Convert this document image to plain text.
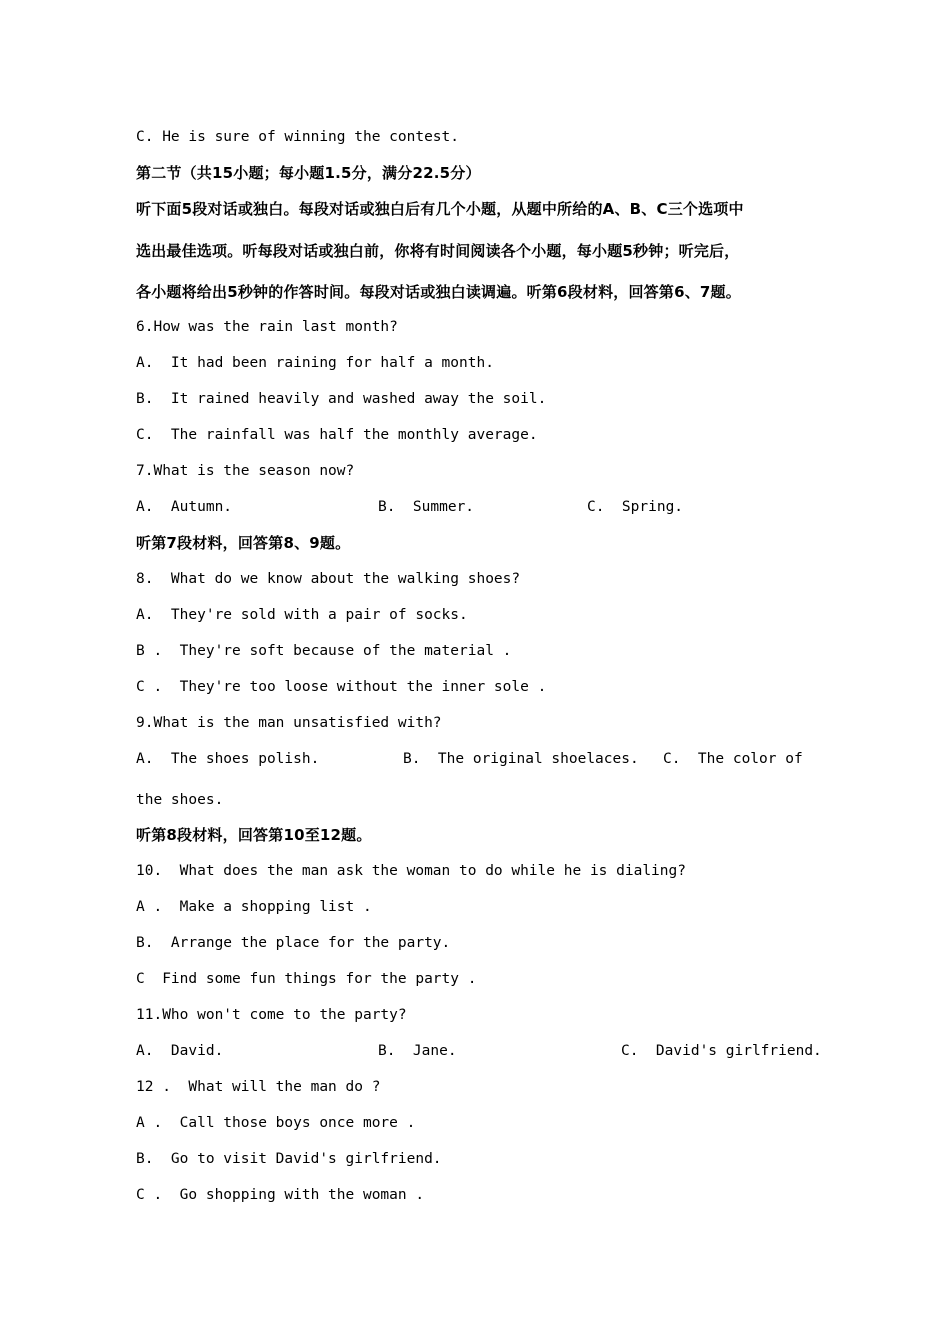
C. He is sure of winning the contest.
第二节（共15小题；每小题1.5分，满分22.5分）
听下面5段对话或独白。每段对话或独白后有几个小题，从题中所给的A、B、C三个选项中
选出最佳选项。听每段对话或独白前，你将有时间阅读各个小题，每小题5秒钟；听完后，
各小题将给出5秒钟的作答时间。每段对话或独白读调遍。听第6段材料，回答第6、7题。
6.How was the rain last month?
A.  It had been raining for half a month.
B.  It rained heavily and washed away the soil.
C.  The rainfall was half the monthly average.
7.What is the season now?
A.  Autumn.	B.  Summer.	C.  Spring.
听第7段材料，回答第8、9题。
8.  What do we know about the walking shoes?
A.  They're sold with a pair of socks.
B .  They're soft because of the material .
C .  They're too loose without the inner sole .
9.What is the man unsatisfied with?
A.  The shoes polish.	B.  The original shoelaces. C.  The color of
the shoes.
听第8段材料，回答第10至12题。
10.  What does the man ask the woman to do while he is dialing?
A .  Make a shopping list .
B.  Arrange the place for the party.
C  Find some fun things for the party .
11.Who won't come to the party?
A.  David.	B.  Jane.	C.  David's girlfriend.
12 .  What will the man do ?
A .  Call those boys once more .
B.  Go to visit David's girlfriend.
C .  Go shopping with the woman .
